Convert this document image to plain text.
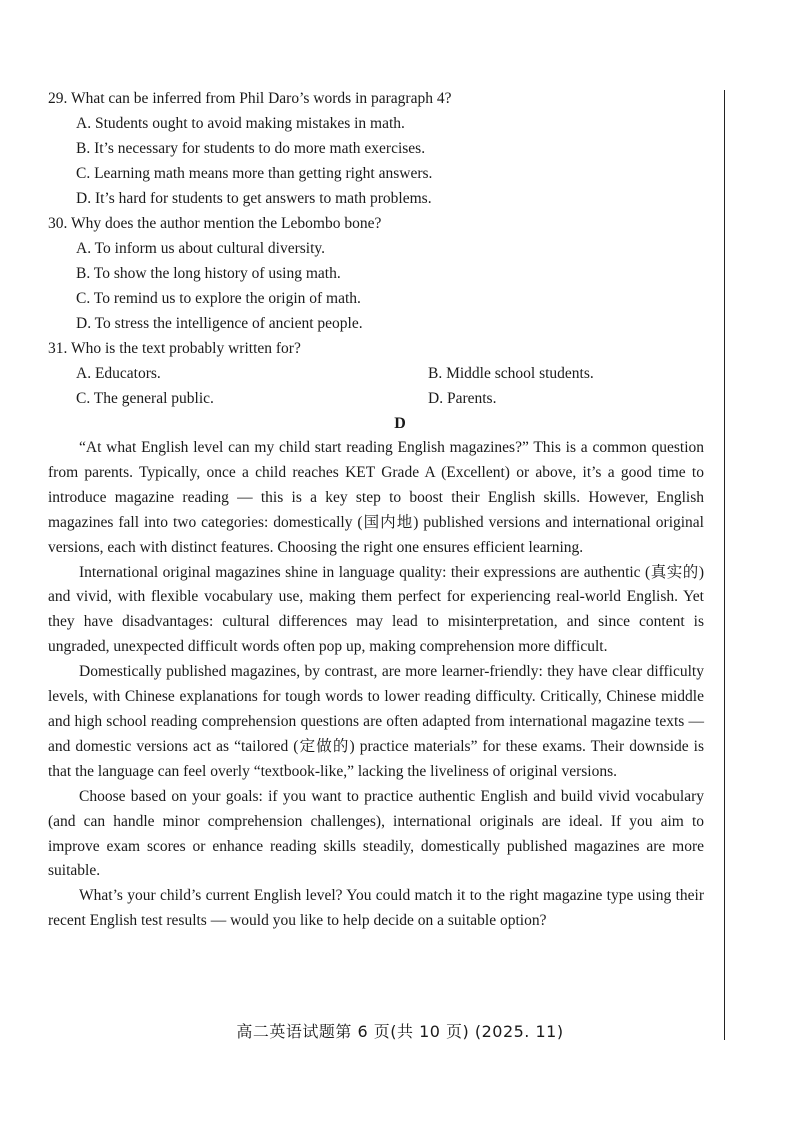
29. What can be inferred from Phil Daro’s words in paragraph 4?
A. Students ought to avoid making mistakes in math.
B. It’s necessary for students to do more math exercises.
C. Learning math means more than getting right answers.
D. It’s hard for students to get answers to math problems.
30. Why does the author mention the Lebombo bone?
A. To inform us about cultural diversity.
B. To show the long history of using math.
C. To remind us to explore the origin of math.
D. To stress the intelligence of ancient people.
31. Who is the text probably written for?
A. Educators.	B. Middle school students.
C. The general public.	D. Parents.
D

“At what English level can my child start reading English magazines?” This is a common question from parents. Typically, once a child reaches KET Grade A (Excellent) or above, it’s a good time to introduce magazine reading — this is a key step to boost their English skills. However, English magazines fall into two categories: domestically (国内地) published versions and international original versions, each with distinct features. Choosing the right one ensures efficient learning.

International original magazines shine in language quality: their expressions are authentic (真实的) and vivid, with flexible vocabulary use, making them perfect for experiencing real-world English. Yet they have disadvantages: cultural differences may lead to misinterpretation, and since content is ungraded, unexpected difficult words often pop up, making comprehension more difficult.

Domestically published magazines, by contrast, are more learner-friendly: they have clear difficulty levels, with Chinese explanations for tough words to lower reading difficulty. Critically, Chinese middle and high school reading comprehension questions are often adapted from international magazine texts — and domestic versions act as “tailored (定做的) practice materials” for these exams. Their downside is that the language can feel overly “textbook-like,” lacking the liveliness of original versions.

Choose based on your goals: if you want to practice authentic English and build vivid vocabulary (and can handle minor comprehension challenges), international originals are ideal. If you aim to improve exam scores or enhance reading skills steadily, domestically published magazines are more suitable.

What’s your child’s current English level? You could match it to the right magazine type using their recent English test results — would you like to help decide on a suitable option?

高二英语试题第 6 页(共 10 页) (2025. 11)
